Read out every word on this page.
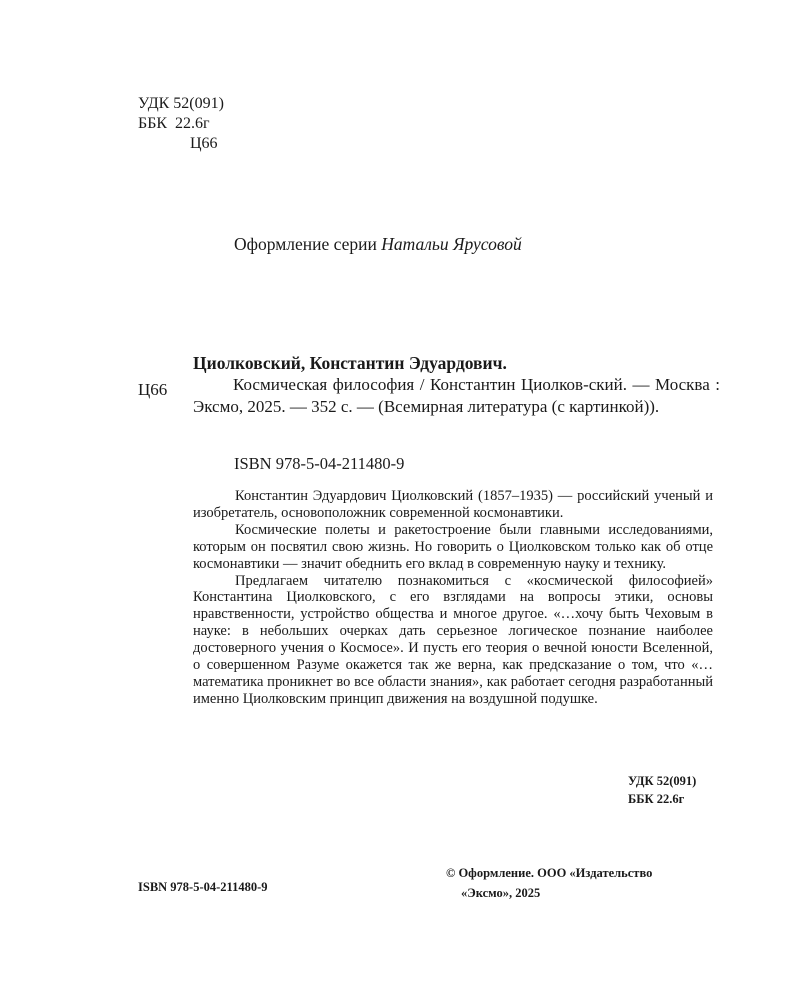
УДК 52(091)
ББК  22.6г
Ц66
Оформление серии Натальи Ярусовой
Циолковский, Константин Эдуардович.
Ц66	Космическая философия / Константин Циолков-ский. — Москва : Эксмо, 2025. — 352 с. — (Всемирная литература (с картинкой)).
ISBN 978-5-04-211480-9

Константин Эдуардович Циолковский (1857–1935) — российский ученый и изобретатель, основоположник современной космонавтики.

Космические полеты и ракетостроение были главными исследованиями, которым он посвятил свою жизнь. Но говорить о Циолковском только как об отце космонавтики — значит обеднить его вклад в современную науку и технику.

Предлагаем читателю познакомиться с «космической философией» Константина Циолковского, с его взглядами на вопросы этики, основы нравственности, устройство общества и многое другое. «…хочу быть Чеховым в науке: в небольших очерках дать серьезное логическое познание наиболее достоверного учения о Космосе». И пусть его теория о вечной юности Вселенной, о совершенном Разуме окажется так же верна, как предсказание о том, что «…математика проникнет во все области знания», как работает сегодня разработанный именно Циолковским принцип движения на воздушной подушке.

УДК 52(091)
ББК 22.6г
© Оформление. ООО «Издательство
«Эксмо», 2025
ISBN 978-5-04-211480-9
